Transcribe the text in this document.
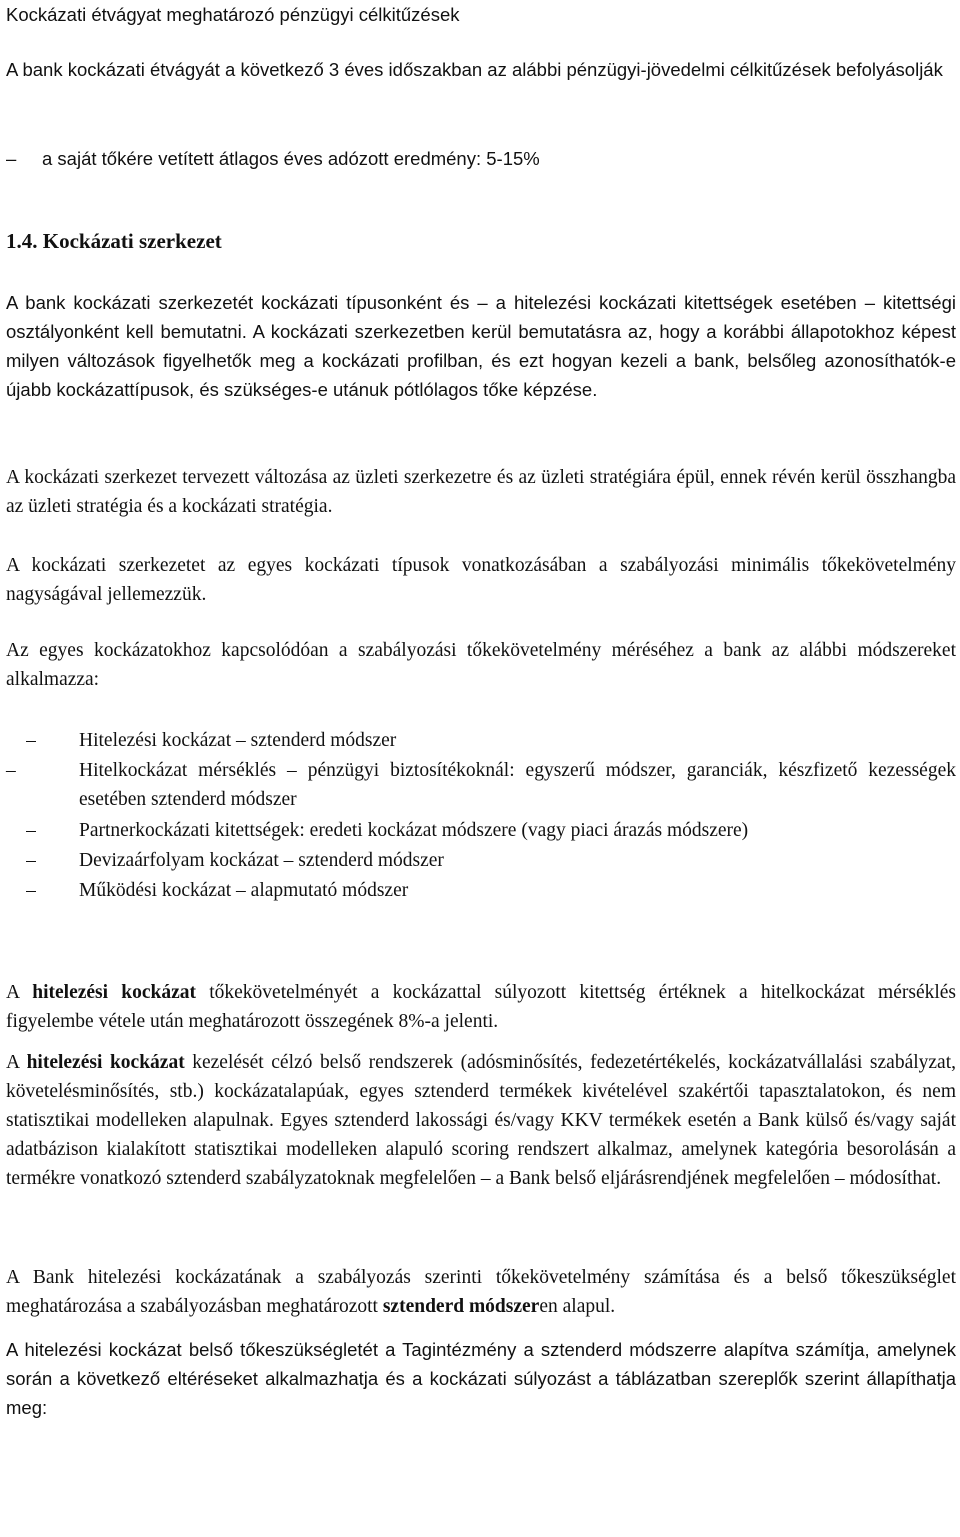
Kockázati étvágyat meghatározó pénzügyi célkitűzések

A bank kockázati étvágyát a következő 3 éves időszakban az alábbi pénzügyi-jövedelmi célkitűzések befolyásolják

–	a saját tőkére vetített átlagos éves adózott eredmény: 5-15%
1.4. Kockázati szerkezet

A bank kockázati szerkezetét kockázati típusonként és – a hitelezési kockázati kitettségek esetében – kitettségi osztályonként kell bemutatni. A kockázati szerkezetben kerül bemutatásra az, hogy a korábbi állapotokhoz képest milyen változások figyelhetők meg a kockázati profilban, és ezt hogyan kezeli a bank, belsőleg azonosíthatók-e újabb kockázattípusok, és szükséges-e utánuk pótlólagos tőke képzése.

A kockázati szerkezet tervezett változása az üzleti szerkezetre és az üzleti stratégiára épül, ennek révén kerül összhangba az üzleti stratégia és a kockázati stratégia.

A kockázati szerkezetet az egyes kockázati típusok vonatkozásában a szabályozási minimális tőkekövetelmény nagyságával jellemezzük.

Az egyes kockázatokhoz kapcsolódóan a szabályozási tőkekövetelmény méréséhez a bank az alábbi módszereket alkalmazza:

–	Hitelezési kockázat – sztenderd módszer
–	Hitelkockázat mérséklés – pénzügyi biztosítékoknál: egyszerű módszer, garanciák, készfizető kezességek esetében sztenderd módszer
–	Partnerkockázati kitettségek: eredeti kockázat módszere (vagy piaci árazás módszere)
–	Devizaárfolyam kockázat – sztenderd módszer
–	Működési kockázat – alapmutató módszer

A hitelezési kockázat tőkekövetelményét a kockázattal súlyozott kitettség értéknek a hitelkockázat mérséklés figyelembe vétele után meghatározott összegének 8%-a jelenti.

A hitelezési kockázat kezelését célzó belső rendszerek (adósminősítés, fedezetértékelés, kockázatvállalási szabályzat, követelésminősítés, stb.) kockázatalapúak, egyes sztenderd termékek kivételével szakértői tapasztalatokon, és nem statisztikai modelleken alapulnak. Egyes sztenderd lakossági és/vagy KKV termékek esetén a Bank külső és/vagy saját adatbázison kialakított statisztikai modelleken alapuló scoring rendszert alkalmaz, amelynek kategória besorolásán a termékre vonatkozó sztenderd szabályzatoknak megfelelően – a Bank belső eljárásrendjének megfelelően – módosíthat.

A Bank hitelezési kockázatának a szabályozás szerinti tőkekövetelmény számítása és a belső tőkeszükséglet meghatározása a szabályozásban meghatározott sztenderd módszeren alapul.

A hitelezési kockázat belső tőkeszükségletét a Tagintézmény a sztenderd módszerre alapítva számítja, amelynek során a következő eltéréseket alkalmazhatja és a kockázati súlyozást a táblázatban szereplők szerint állapíthatja meg:
